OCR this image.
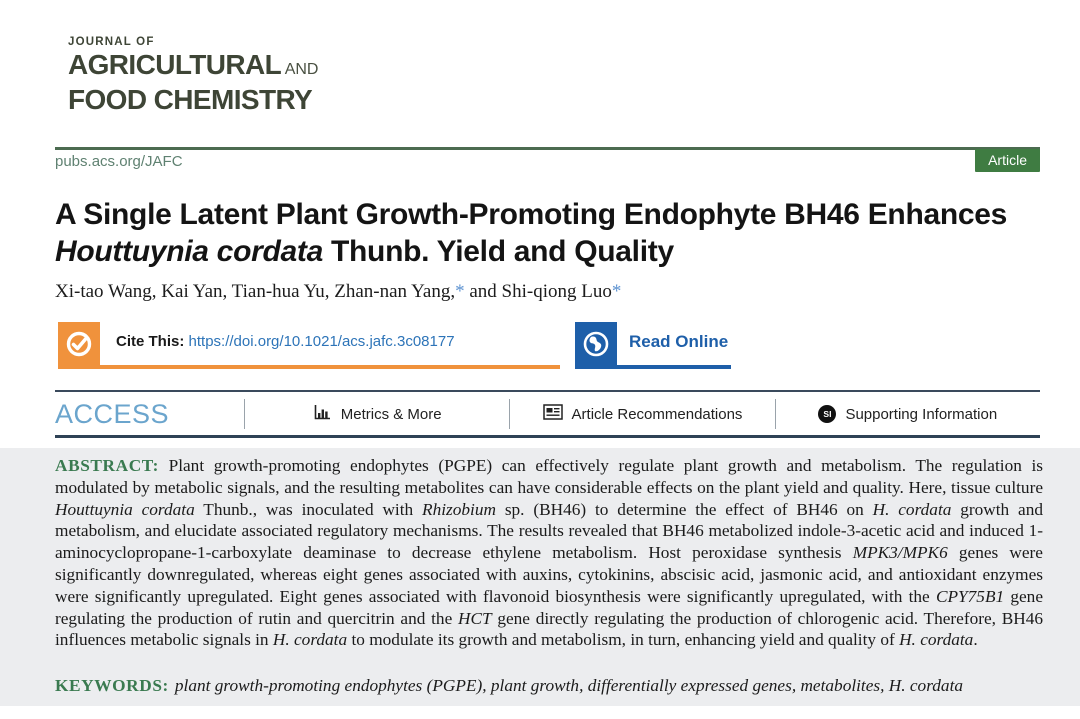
JOURNAL OF
AGRICULTURAL AND
FOOD CHEMISTRY
pubs.acs.org/JAFC	Article
A Single Latent Plant Growth-Promoting Endophyte BH46 Enhances Houttuynia cordata Thunb. Yield and Quality
Xi-tao Wang, Kai Yan, Tian-hua Yu, Zhan-nan Yang,* and Shi-qiong Luo*
Cite This: https://doi.org/10.1021/acs.jafc.3c08177	Read Online
ACCESS	Metrics & More	Article Recommendations	SI Supporting Information

ABSTRACT: Plant growth-promoting endophytes (PGPE) can effectively regulate plant growth and metabolism. The regulation is modulated by metabolic signals, and the resulting metabolites can have considerable effects on the plant yield and quality. Here, tissue culture Houttuynia cordata Thunb., was inoculated with Rhizobium sp. (BH46) to determine the effect of BH46 on H. cordata growth and metabolism, and elucidate associated regulatory mechanisms. The results revealed that BH46 metabolized indole-3-acetic acid and induced 1-aminocyclopropane-1-carboxylate deaminase to decrease ethylene metabolism. Host peroxidase synthesis MPK3/MPK6 genes were significantly downregulated, whereas eight genes associated with auxins, cytokinins, abscisic acid, jasmonic acid, and antioxidant enzymes were significantly upregulated. Eight genes associated with flavonoid biosynthesis were significantly upregulated, with the CPY75B1 gene regulating the production of rutin and quercitrin and the HCT gene directly regulating the production of chlorogenic acid. Therefore, BH46 influences metabolic signals in H. cordata to modulate its growth and metabolism, in turn, enhancing yield and quality of H. cordata.

KEYWORDS: plant growth-promoting endophytes (PGPE), plant growth, differentially expressed genes, metabolites, H. cordata
